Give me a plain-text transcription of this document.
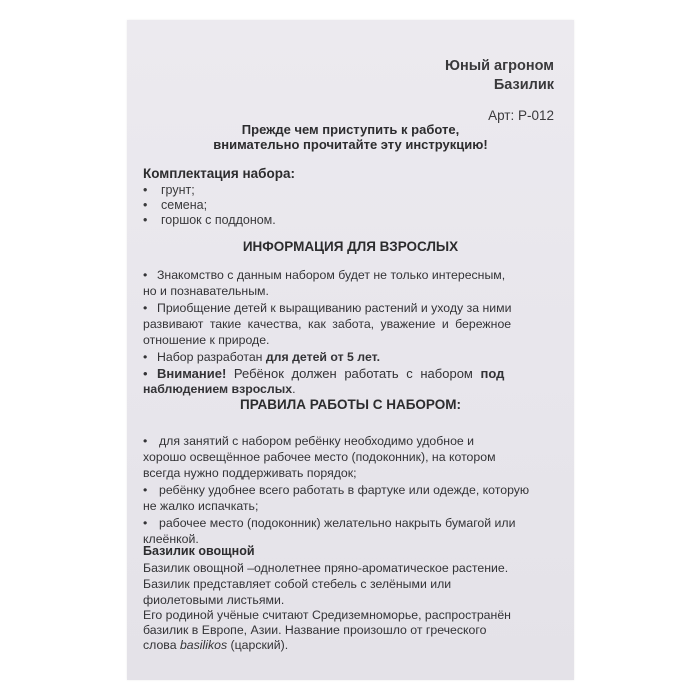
Юный агроном
Базилик
Арт: Р-012
Прежде чем приступить к работе,
внимательно прочитайте эту инструкцию!
Комплектация набора:
• грунт;
• семена;
• горшок с поддоном.
ИНФОРМАЦИЯ ДЛЯ ВЗРОСЛЫХ
• Знакомство с данным набором будет не только интересным,
но и познавательным.
• Приобщение детей к выращиванию растений и уходу за ними
развивают такие качества, как забота, уважение и бережное
отношение к природе.
• Набор разработан для детей от 5 лет.
• Внимание! Ребёнок должен работать с набором под
наблюдением взрослых.
ПРАВИЛА РАБОТЫ С НАБОРОМ:
• для занятий с набором ребёнку необходимо удобное и
хорошо освещённое рабочее место (подоконник), на котором
всегда нужно поддерживать порядок;
• ребёнку удобнее всего работать в фартуке или одежде, которую
не жалко испачкать;
• рабочее место (подоконник) желательно накрыть бумагой или
клеёнкой.
Базилик овощной
Базилик овощной –однолетнее пряно-ароматическое растение.
Базилик представляет собой стебель с зелёными или
фиолетовыми листьями.
Его родиной учёные считают Средиземноморье, распространён
базилик в Европе, Азии. Название произошло от греческого
слова basilikos (царский).
